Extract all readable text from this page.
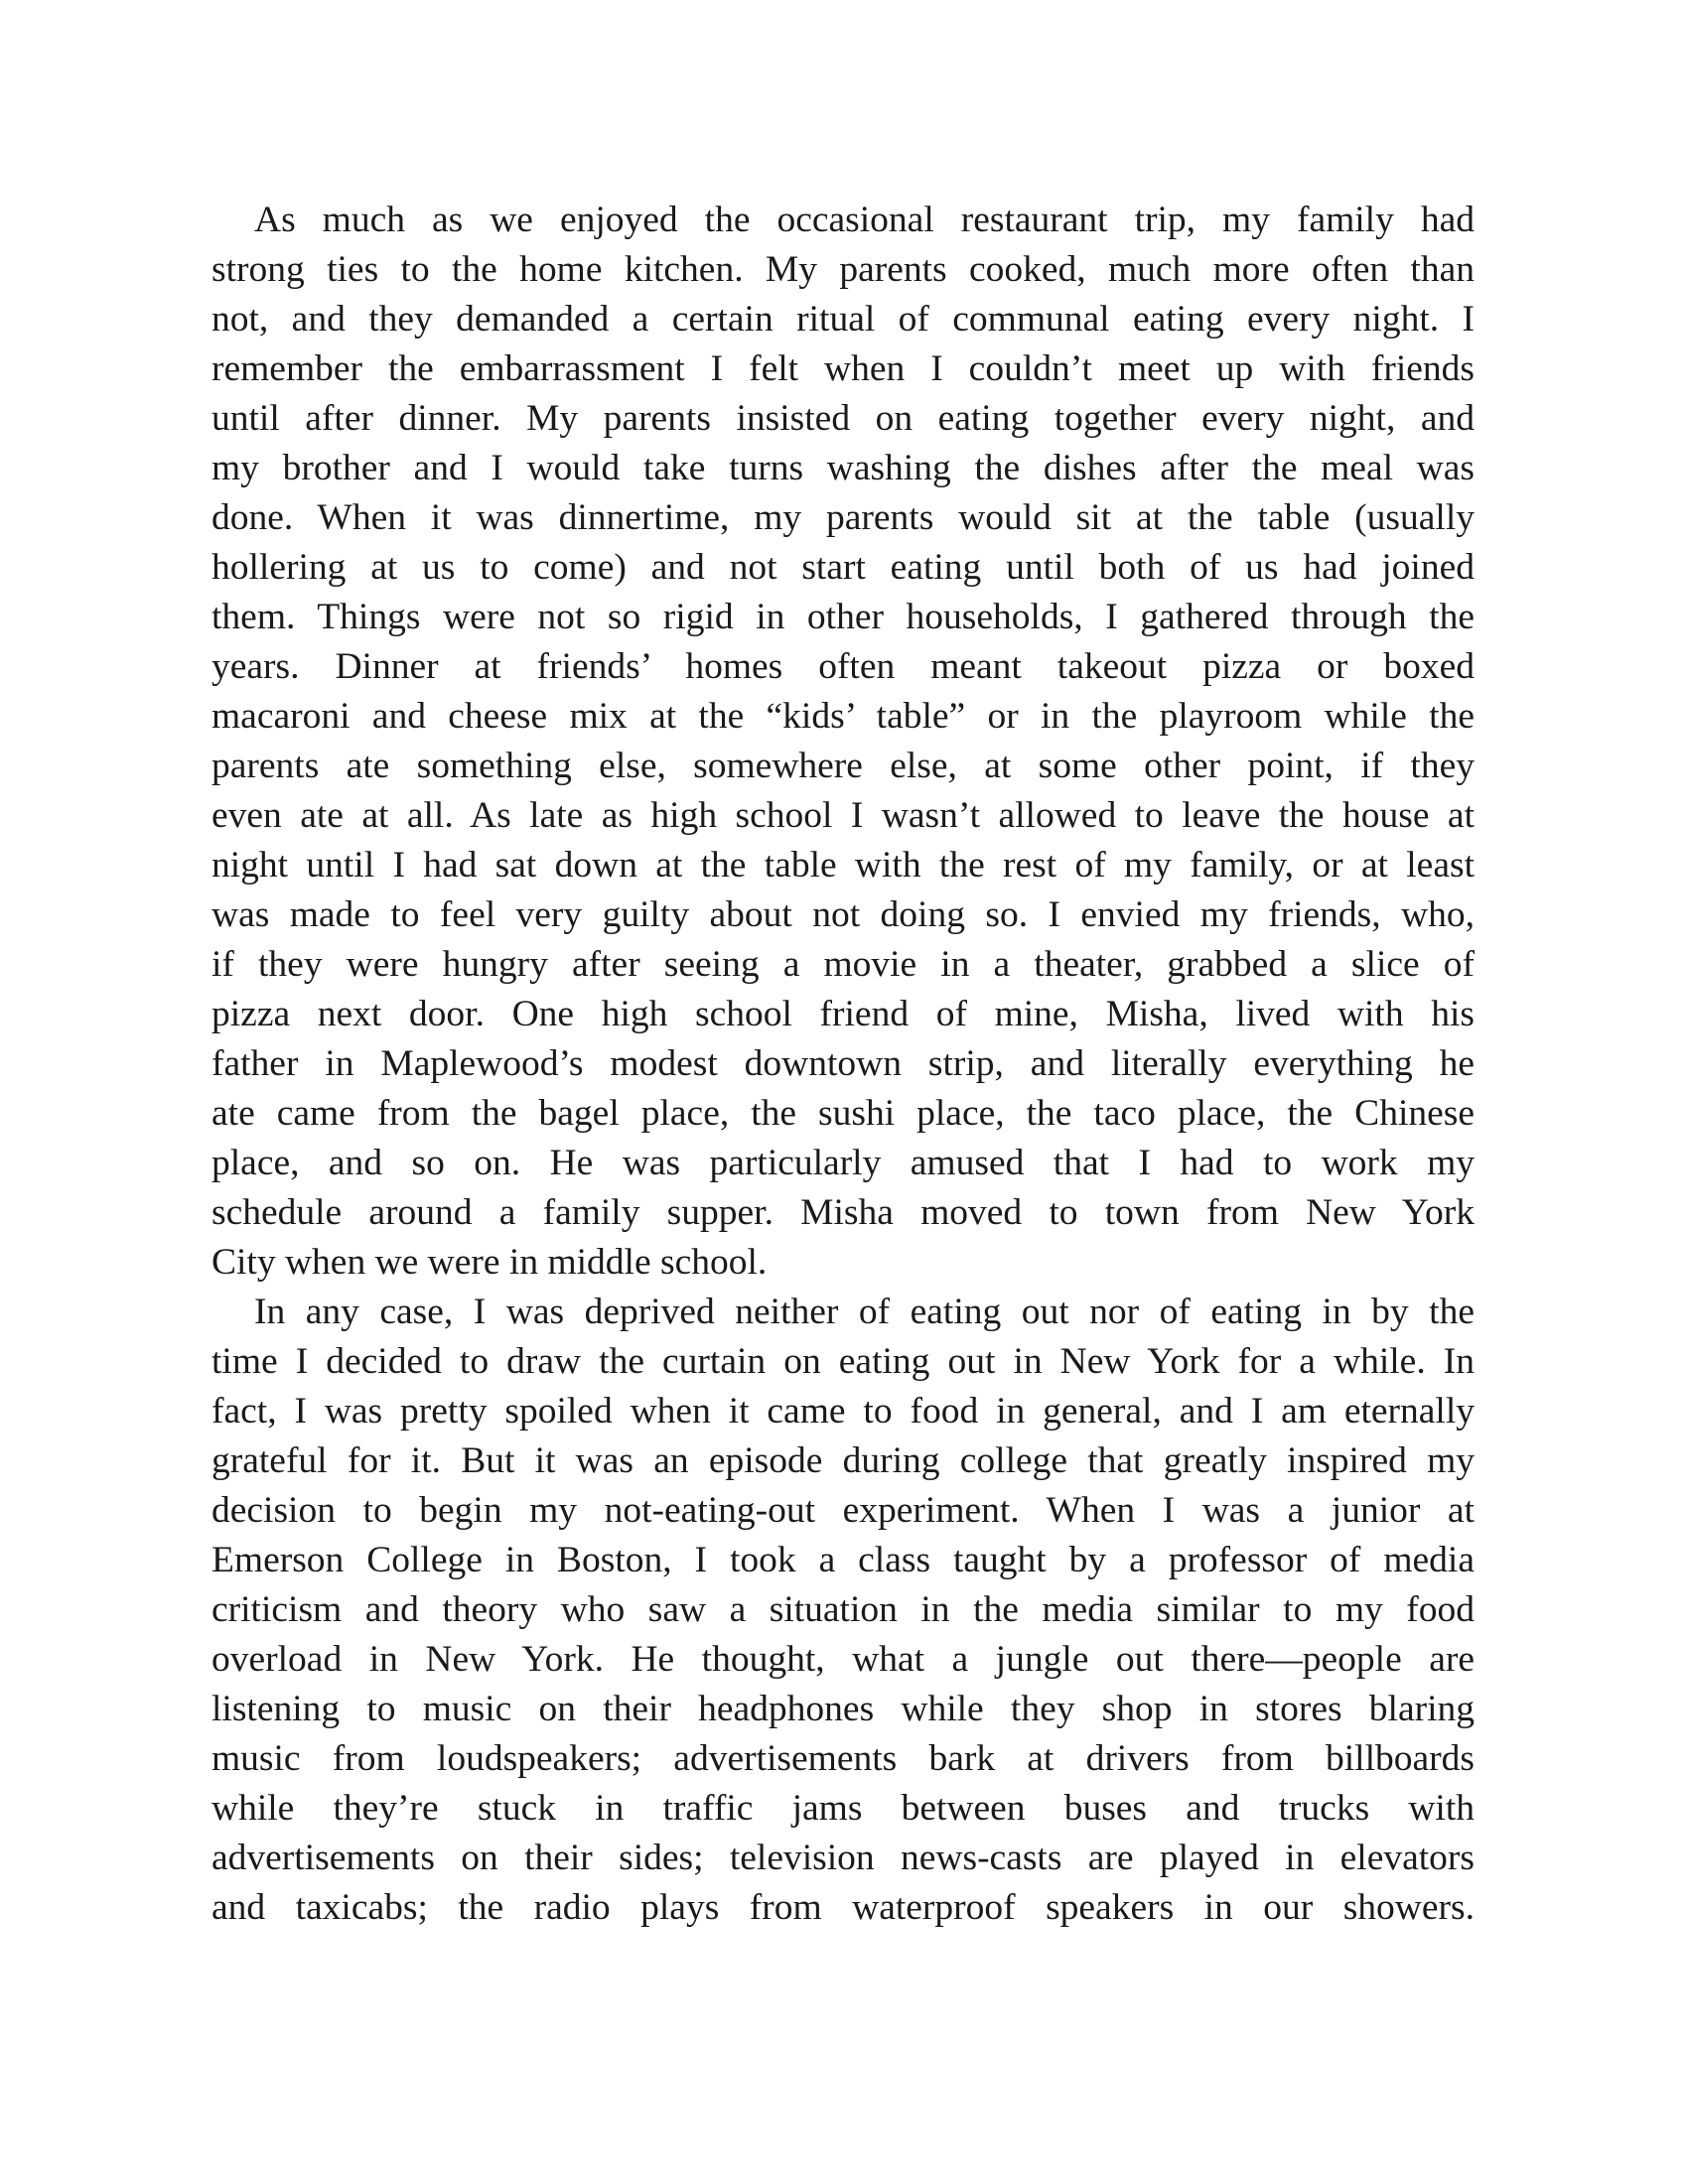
As much as we enjoyed the occasional restaurant trip, my family had
strong ties to the home kitchen. My parents cooked, much more often than
not, and they demanded a certain ritual of communal eating every night. I
remember the embarrassment I felt when I couldn’t meet up with friends
until after dinner. My parents insisted on eating together every night, and
my brother and I would take turns washing the dishes after the meal was
done. When it was dinnertime, my parents would sit at the table (usually
hollering at us to come) and not start eating until both of us had joined
them. Things were not so rigid in other households, I gathered through the
years. Dinner at friends’ homes often meant takeout pizza or boxed
macaroni and cheese mix at the “kids’ table” or in the playroom while the
parents ate something else, somewhere else, at some other point, if they
even ate at all. As late as high school I wasn’t allowed to leave the house at
night until I had sat down at the table with the rest of my family, or at least
was made to feel very guilty about not doing so. I envied my friends, who,
if they were hungry after seeing a movie in a theater, grabbed a slice of
pizza next door. One high school friend of mine, Misha, lived with his
father in Maplewood’s modest downtown strip, and literally everything he
ate came from the bagel place, the sushi place, the taco place, the Chinese
place, and so on. He was particularly amused that I had to work my
schedule around a family supper. Misha moved to town from New York
City when we were in middle school.
In any case, I was deprived neither of eating out nor of eating in by the
time I decided to draw the curtain on eating out in New York for a while. In
fact, I was pretty spoiled when it came to food in general, and I am eternally
grateful for it. But it was an episode during college that greatly inspired my
decision to begin my not-eating-out experiment. When I was a junior at
Emerson College in Boston, I took a class taught by a professor of media
criticism and theory who saw a situation in the media similar to my food
overload in New York. He thought, what a jungle out there—people are
listening to music on their headphones while they shop in stores blaring
music from loudspeakers; advertisements bark at drivers from billboards
while they’re stuck in traffic jams between buses and trucks with
advertisements on their sides; television news-casts are played in elevators
and taxicabs; the radio plays from waterproof speakers in our showers.
